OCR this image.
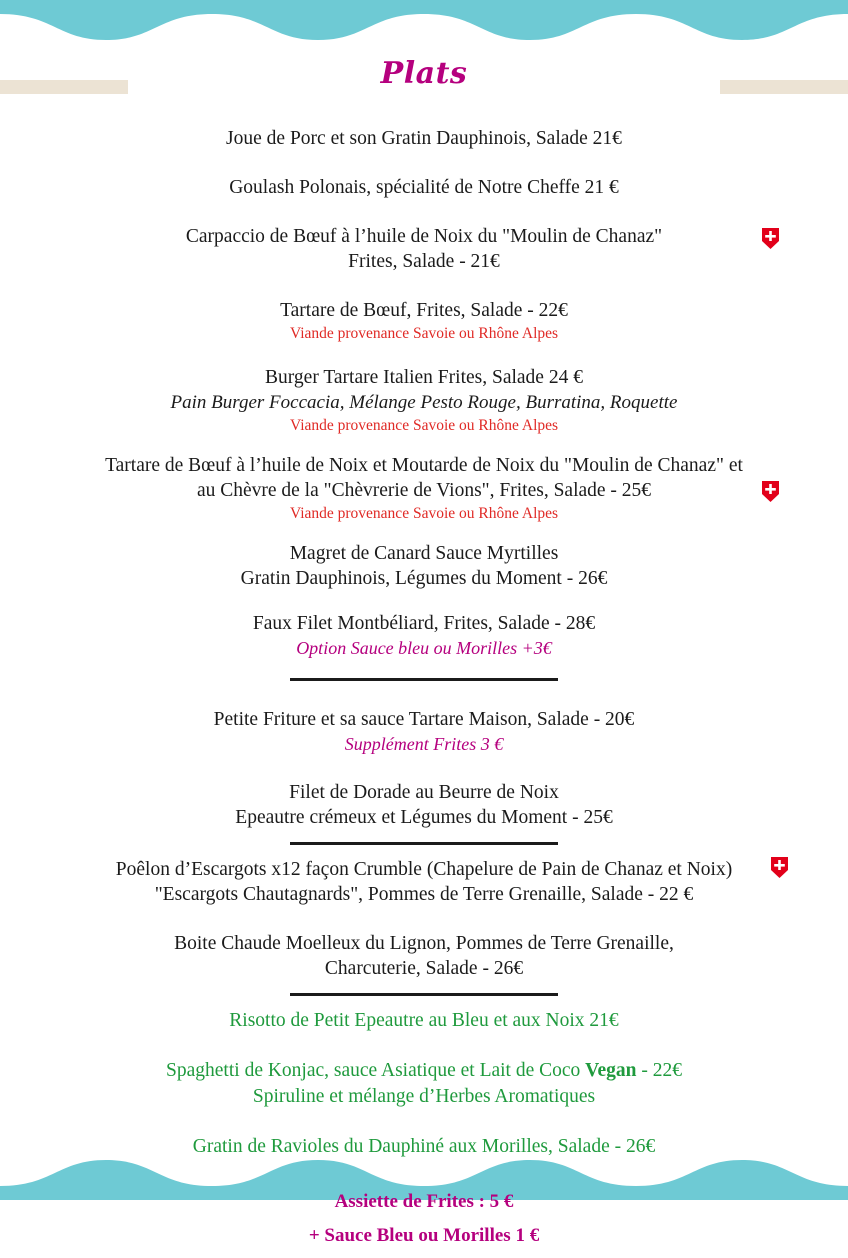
Plats
Joue de Porc et son Gratin Dauphinois, Salade 21€
Goulash Polonais, spécialité de Notre Cheffe 21 €
Carpaccio de Bœuf à l’huile de Noix du "Moulin de Chanaz"
Frites, Salade - 21€
Tartare de Bœuf, Frites, Salade - 22€
Viande provenance Savoie ou Rhône Alpes
Burger Tartare Italien Frites, Salade 24 €
Pain Burger Foccacia, Mélange Pesto Rouge, Burratina, Roquette
Viande provenance Savoie ou Rhône Alpes
Tartare de Bœuf à l’huile de Noix et Moutarde de Noix du "Moulin de Chanaz" et
au Chèvre de la "Chèvrerie de Vions", Frites, Salade - 25€
Viande provenance Savoie ou Rhône Alpes
Magret de Canard Sauce Myrtilles
Gratin Dauphinois, Légumes du Moment - 26€
Faux Filet Montbéliard, Frites, Salade - 28€
Option Sauce bleu ou Morilles +3€
Petite Friture et sa sauce Tartare Maison, Salade - 20€
Supplément Frites 3 €
Filet de Dorade au Beurre de Noix
Epeautre crémeux et Légumes du Moment - 25€
Poêlon d’Escargots x12 façon Crumble (Chapelure de Pain de Chanaz et Noix)
"Escargots Chautagnards", Pommes de Terre Grenaille, Salade - 22 €
Boite Chaude Moelleux du Lignon, Pommes de Terre Grenaille,
Charcuterie, Salade - 26€
Risotto de Petit Epeautre au Bleu et aux Noix 21€
Spaghetti de Konjac, sauce Asiatique et Lait de Coco Vegan - 22€
Spiruline et mélange d’Herbes Aromatiques
Gratin de Ravioles du Dauphiné aux Morilles, Salade - 26€
Assiette de Frites : 5 €
+ Sauce Bleu ou Morilles 1 €
